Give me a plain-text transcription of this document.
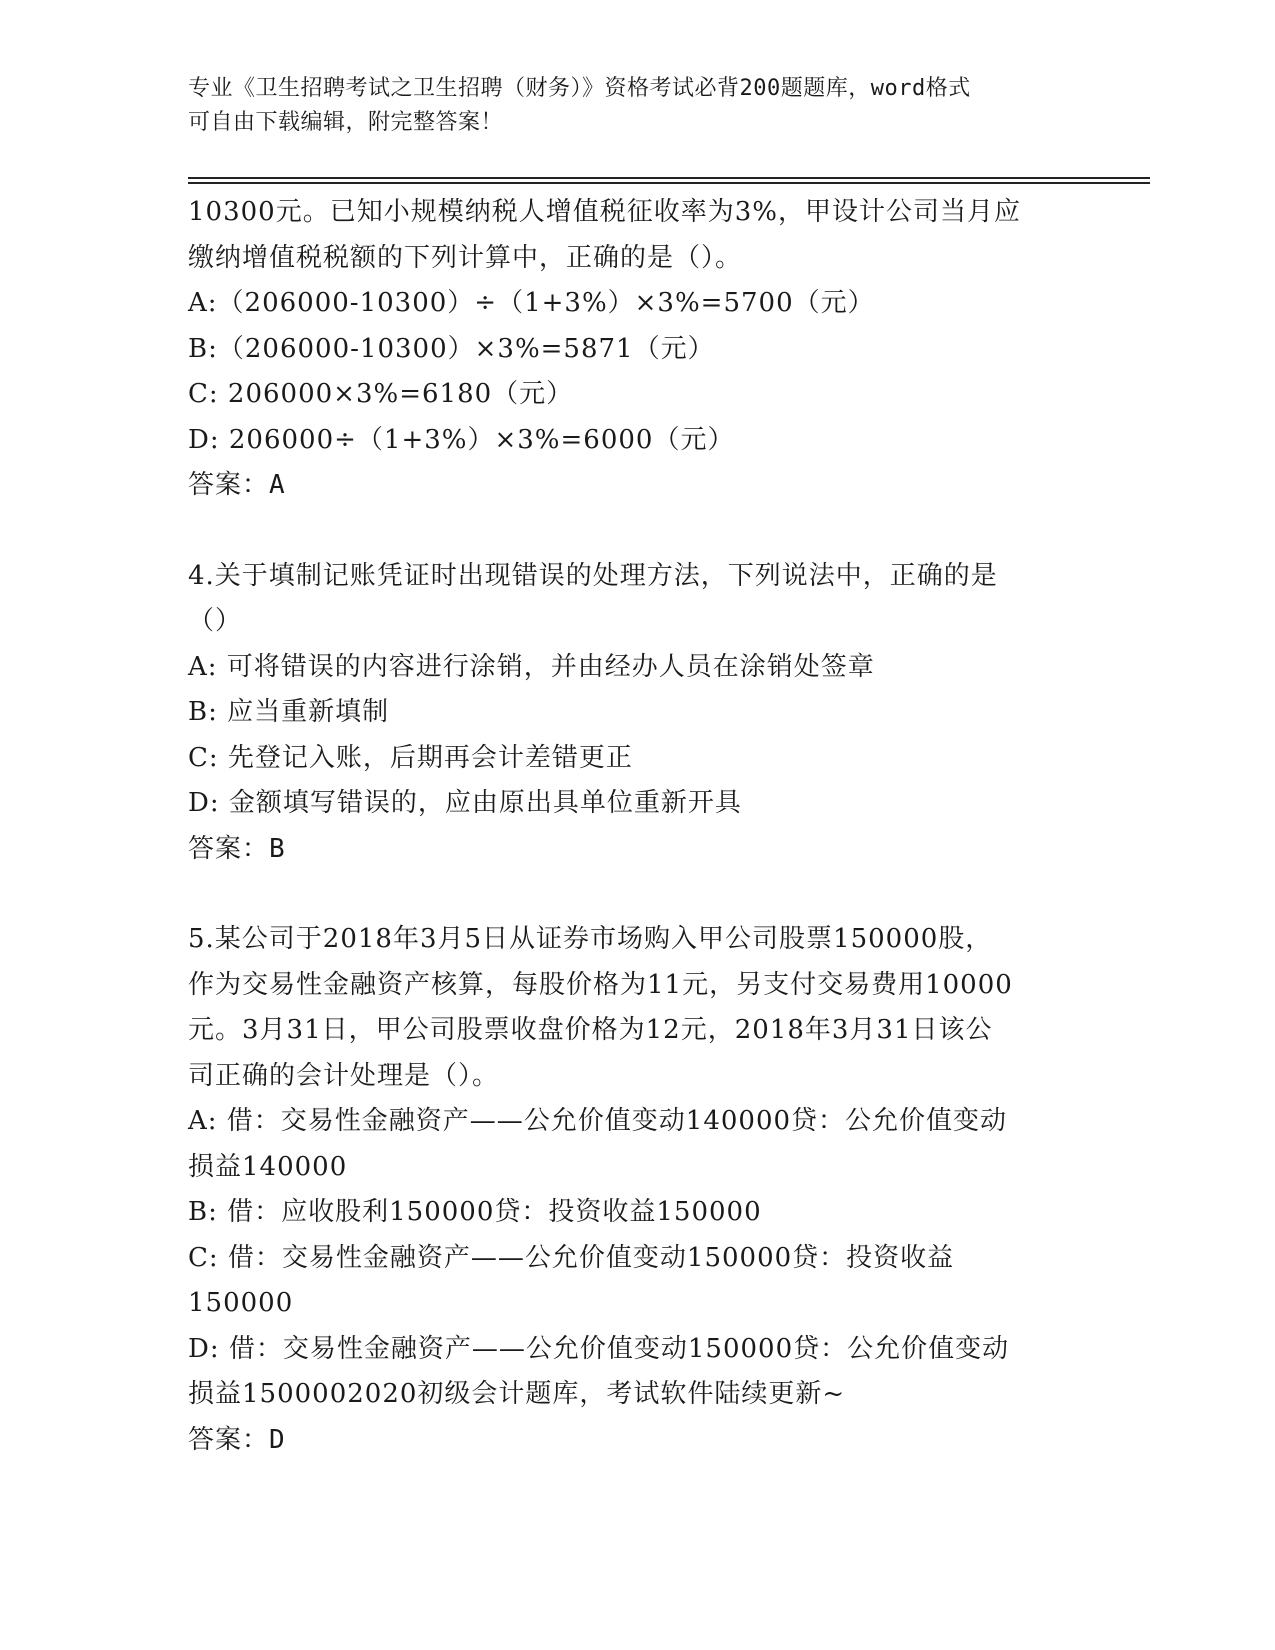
专业《卫生招聘考试之卫生招聘（财务）》资格考试必背200题题库，word格式
可自由下载编辑，附完整答案！

10300元。已知小规模纳税人增值税征收率为3%，甲设计公司当月应

缴纳增值税税额的下列计算中，正确的是（）。

A:（206000-10300）÷（1+3%）×3%=5700（元）

B:（206000-10300）×3%=5871（元）

C: 206000×3%=6180（元）

D: 206000÷（1+3%）×3%=6000（元）

答案：A

4.关于填制记账凭证时出现错误的处理方法，下列说法中，正确的是

（）

A: 可将错误的内容进行涂销，并由经办人员在涂销处签章

B: 应当重新填制

C: 先登记入账，后期再会计差错更正

D: 金额填写错误的，应由原出具单位重新开具

答案：B

5.某公司于2018年3月5日从证券市场购入甲公司股票150000股，

作为交易性金融资产核算，每股价格为11元，另支付交易费用10000

元。3月31日，甲公司股票收盘价格为12元，2018年3月31日该公

司正确的会计处理是（）。

A: 借：交易性金融资产——公允价值变动140000贷：公允价值变动

损益140000

B: 借：应收股利150000贷：投资收益150000

C: 借：交易性金融资产——公允价值变动150000贷：投资收益

150000

D: 借：交易性金融资产——公允价值变动150000贷：公允价值变动

损益1500002020初级会计题库，考试软件陆续更新~

答案：D
